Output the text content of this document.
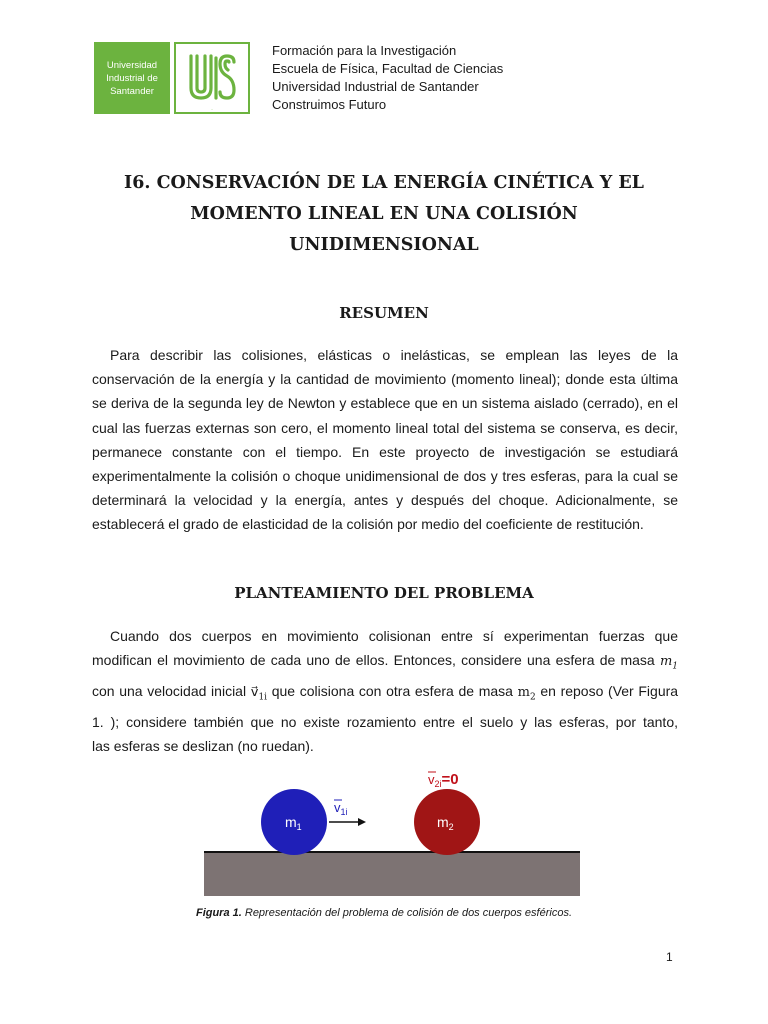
Universidad
Industrial de
Santander
UIS
Formación para la Investigación
Escuela de Física, Facultad de Ciencias
Universidad Industrial de Santander
Construimos Futuro
I6. CONSERVACIÓN DE LA ENERGÍA CINÉTICA Y EL
MOMENTO LINEAL EN UNA COLISIÓN
UNIDIMENSIONAL
RESUMEN
Para describir las colisiones, elásticas o inelásticas, se emplean las leyes de la
conservación de la energía y la cantidad de movimiento (momento lineal); donde esta última
se deriva de la segunda ley de Newton y establece que en un sistema aislado (cerrado), en el
cual las fuerzas externas son cero, el momento lineal total del sistema se conserva, es decir,
permanece constante con el tiempo. En este proyecto de investigación se estudiará
experimentalmente la colisión o choque unidimensional de dos y tres esferas, para la cual se
determinará la velocidad y la energía, antes y después del choque. Adicionalmente, se
establecerá el grado de elasticidad de la colisión por medio del coeficiente de restitución.
PLANTEAMIENTO DEL PROBLEMA
Cuando dos cuerpos en movimiento colisionan entre sí experimentan fuerzas que
modifican el movimiento de cada uno de ellos. Entonces, considere una esfera de masa $m_1$
con una velocidad inicial $v⃗_{1i}$ que colisiona con otra esfera de masa $m_2$ en reposo (Ver Figura
1. ); considere también que no existe rozamiento entre el suelo y las esferas, por tanto,
las esferas se deslizan (no ruedan).
$m_1$	$m_2$
$v_{1i}$
$v_{2i}=0$
Figura 1. Representación del problema de colisión de dos cuerpos esféricos.
1
